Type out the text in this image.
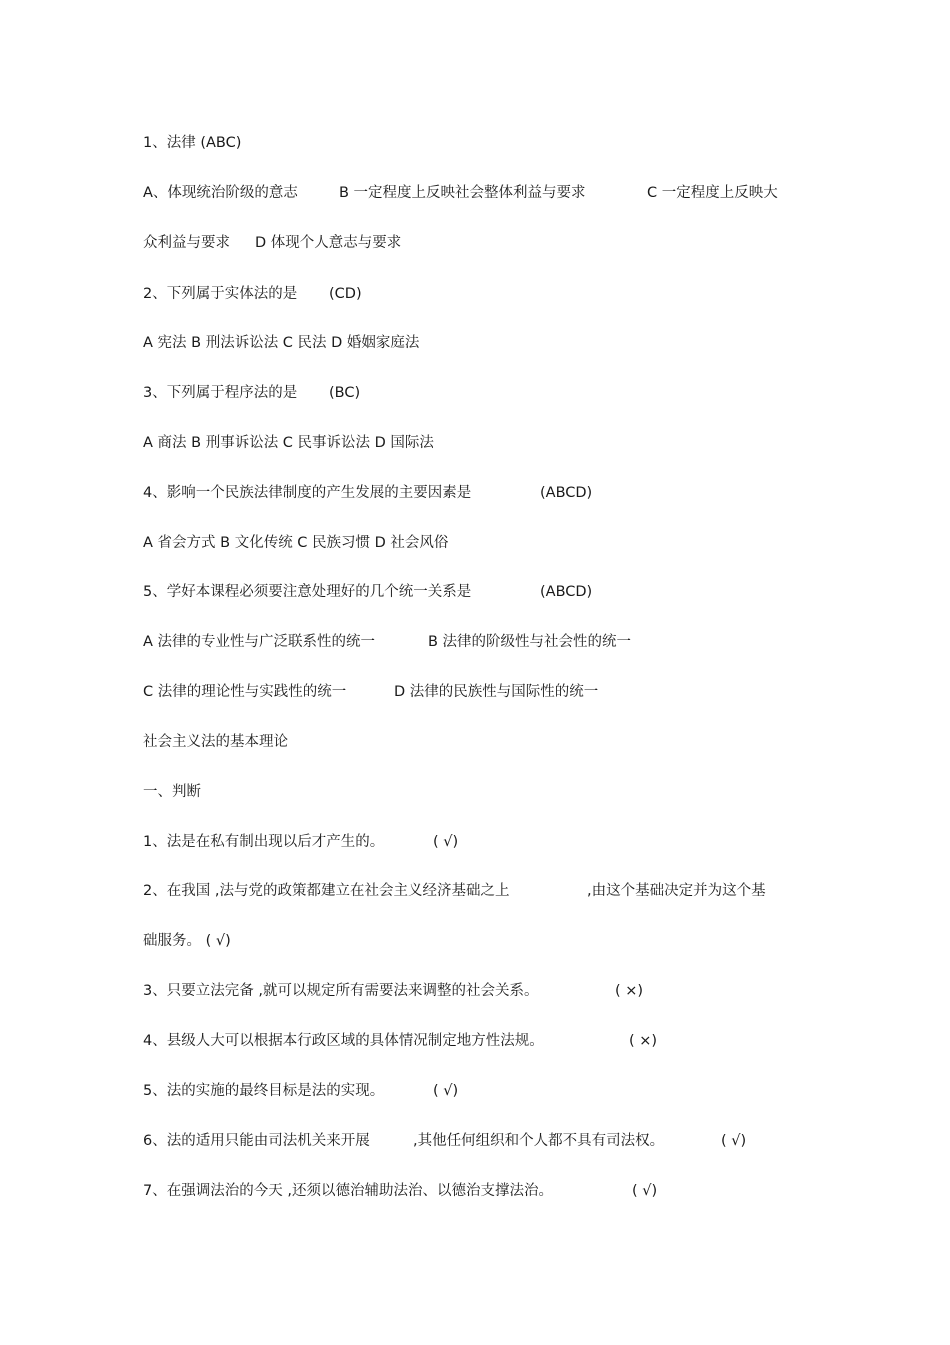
1、法律 (ABC)
A、体现统治阶级的意志	B 一定程度上反映社会整体利益与要求	C 一定程度上反映大
众利益与要求 D 体现个人意志与要求
2、下列属于实体法的是 (CD)
A 宪法 B 刑法诉讼法 C 民法 D 婚姻家庭法
3、下列属于程序法的是 (BC)
A 商法 B 刑事诉讼法 C 民事诉讼法 D 国际法
4、影响一个民族法律制度的产生发展的主要因素是	(ABCD)
A 省会方式 B 文化传统 C 民族习惯 D 社会风俗
5、学好本课程必须要注意处理好的几个统一关系是	(ABCD)
A 法律的专业性与广泛联系性的统一	B 法律的阶级性与社会性的统一
C 法律的理论性与实践性的统一	D 法律的民族性与国际性的统一
社会主义法的基本理论
一、判断
1、法是在私有制出现以后才产生的。	( √)
2、在我国 ,法与党的政策都建立在社会主义经济基础之上	,由这个基础决定并为这个基
础服务。 ( √)
3、只要立法完备 ,就可以规定所有需要法来调整的社会关系。	( ×)
4、县级人大可以根据本行政区域的具体情况制定地方性法规。	( ×)
5、法的实施的最终目标是法的实现。	( √)
6、法的适用只能由司法机关来开展	,其他任何组织和个人都不具有司法权。	( √)
7、在强调法治的今天 ,还须以德治辅助法治、以德治支撑法治。	( √)
